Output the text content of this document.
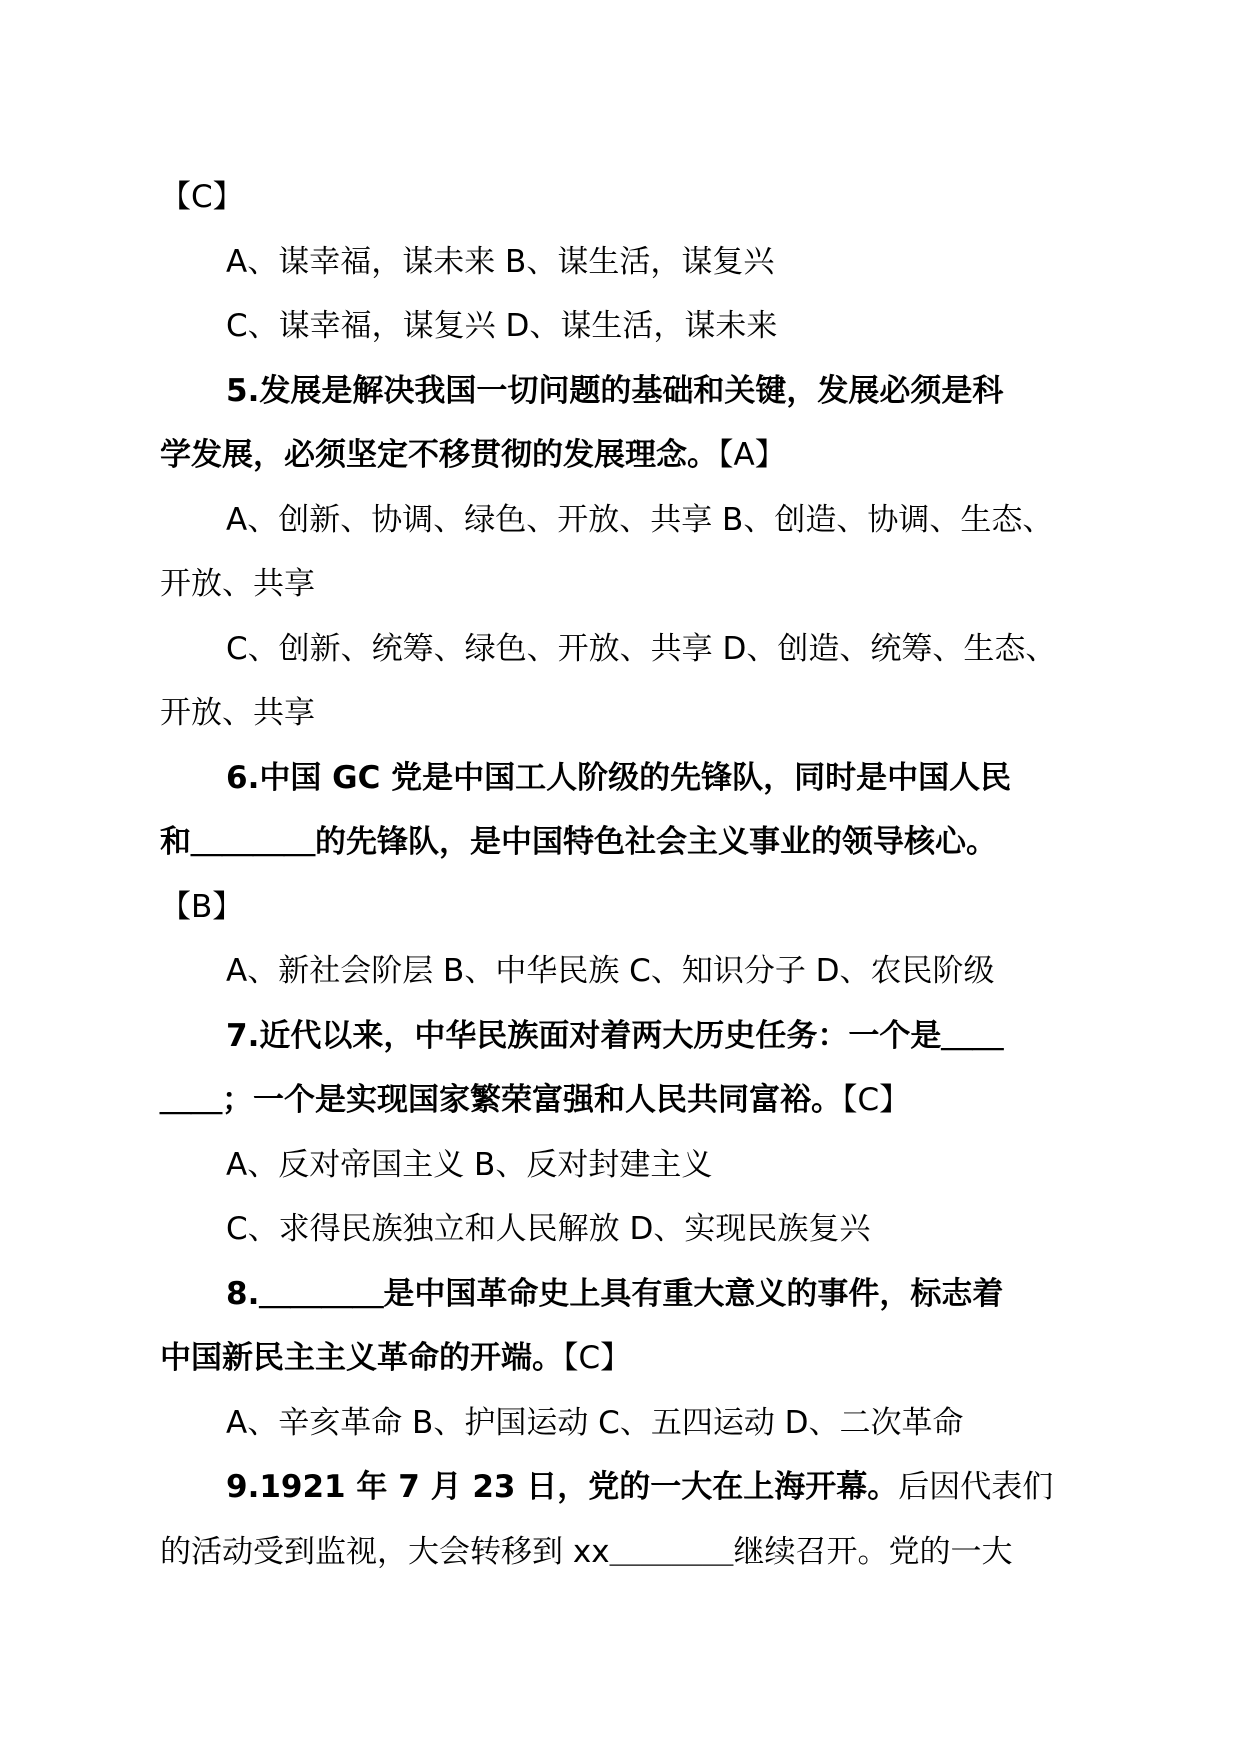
【C】
A、谋幸福，谋未来 B、谋生活，谋复兴
C、谋幸福，谋复兴 D、谋生活，谋未来
5.发展是解决我国一切问题的基础和关键，发展必须是科
学发展，必须坚定不移贯彻的发展理念。【A】
A、创新、协调、绿色、开放、共享 B、创造、协调、生态、
开放、共享
C、创新、统筹、绿色、开放、共享 D、创造、统筹、生态、
开放、共享
6.中国 GC 党是中国工人阶级的先锋队，同时是中国人民
和＿＿＿＿的先锋队，是中国特色社会主义事业的领导核心。
【B】
A、新社会阶层 B、中华民族 C、知识分子 D、农民阶级
7.近代以来，中华民族面对着两大历史任务：一个是＿＿
＿＿；一个是实现国家繁荣富强和人民共同富裕。【C】
A、反对帝国主义 B、反对封建主义
C、求得民族独立和人民解放 D、实现民族复兴
8.＿＿＿＿是中国革命史上具有重大意义的事件，标志着
中国新民主主义革命的开端。【C】
A、辛亥革命 B、护国运动 C、五四运动 D、二次革命
9.1921 年 7 月 23 日，党的一大在上海开幕。后因代表们
的活动受到监视，大会转移到 xx＿＿＿＿继续召开。党的一大
